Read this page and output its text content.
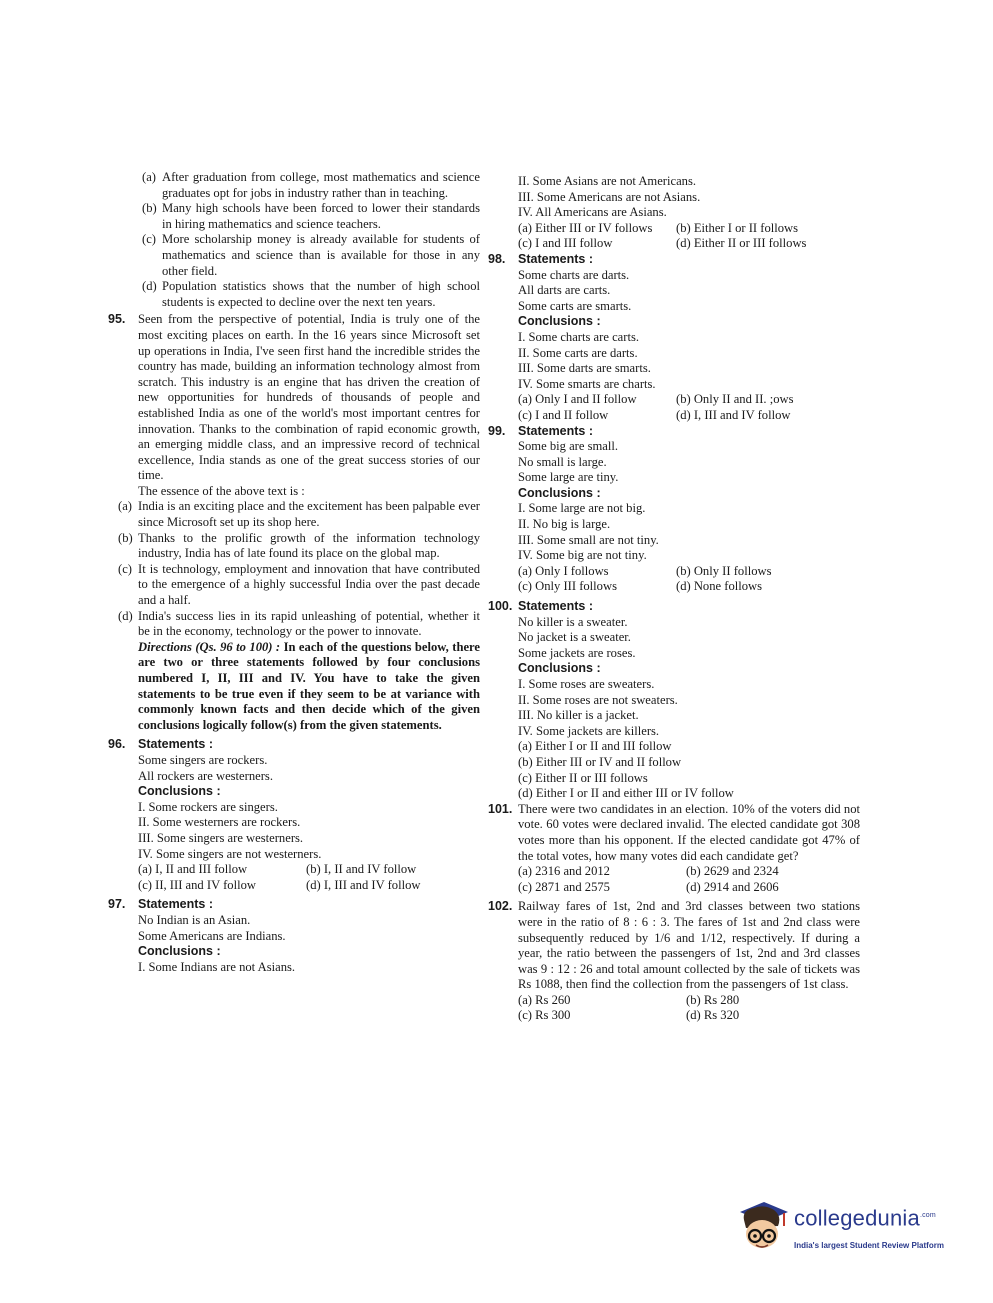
(a) After graduation from college, most mathematics and science graduates opt for jobs in industry rather than in teaching.
(b) Many high schools have been forced to lower their standards in hiring mathematics and science teachers.
(c) More scholarship money is already available for students of mathematics and science than is available for those in any other field.
(d) Population statistics shows that the number of high school students is expected to decline over the next ten years.
95. Seen from the perspective of potential, India is truly one of the most exciting places on earth. In the 16 years since Microsoft set up operations in India, I've seen first hand the incredible strides the country has made, building an information technology almost from scratch. This industry is an engine that has driven the creation of new opportunities for hundreds of thousands of people and established India as one of the world's most important centres for innovation. Thanks to the combination of rapid economic growth, an emerging middle class, and an impressive record of technical excellence, India stands as one of the great success stories of our time.

The essence of the above text is :

(a) India is an exciting place and the excitement has been palpable ever since Microsoft set up its shop here.
(b) Thanks to the prolific growth of the information technology industry, India has of late found its place on the global map.
(c) It is technology, employment and innovation that have contributed to the emergence of a highly successful India over the past decade and a half.
(d) India's success lies in its rapid unleashing of potential, whether it be in the economy, technology or the power to innovate.

Directions (Qs. 96 to 100) : In each of the questions below, there are two or three statements followed by four conclusions numbered I, II, III and IV. You have to take the given statements to be true even if they seem to be at variance with commonly known facts and then decide which of the given conclusions logically follow(s) from the given statements.

96. Statements :

Some singers are rockers.

All rockers are westerners.

Conclusions :

I. Some rockers are singers.

II. Some westerners are rockers.

III. Some singers are westerners.

IV. Some singers are not westerners.

(a) I, II and III follow	(b) I, II and IV follow
(c) II, III and IV follow	(d) I, III and IV follow
97. Statements :

No Indian is an Asian.

Some Americans are Indians.

Conclusions :

I. Some Indians are not Asians.

II. Some Asians are not Americans.

III. Some Americans are not Asians.

IV. All Americans are Asians.

(a) Either III or IV follows	(b) Either I or II follows
(c) I and III follow	(d) Either II or III follows
98. Statements :

Some charts are darts.

All darts are carts.

Some carts are smarts.

Conclusions :

I. Some charts are carts.

II. Some carts are darts.

III. Some darts are smarts.

IV. Some smarts are charts.

(a) Only I and II follow	(b) Only II and II. ;ows
(c) I and II follow	(d) I, III and IV follow
99. Statements :

Some big are small.

No small is large.

Some large are tiny.

Conclusions :

I. Some large are not big.

II. No big is large.

III. Some small are not tiny.

IV. Some big are not tiny.

(a) Only I follows	(b) Only II follows
(c) Only III follows	(d) None follows
100. Statements :

No killer is a sweater.

No jacket is a sweater.

Some jackets are roses.

Conclusions :

I. Some roses are sweaters.

II. Some roses are not sweaters.

III. No killer is a jacket.

IV. Some jackets are killers.

(a) Either I or II and III follow

(b) Either III or IV and II follow

(c) Either II or III follows

(d) Either I or II and either III or IV follow

101. There were two candidates in an election. 10% of the voters did not vote. 60 votes were declared invalid. The elected candidate got 308 votes more than his opponent. If the elected candidate got 47% of the total votes, how many votes did each candidate get?

(a) 2316 and 2012	(b) 2629 and 2324
(c) 2871 and 2575	(d) 2914 and 2606
102. Railway fares of 1st, 2nd and 3rd classes between two stations were in the ratio of 8 : 6 : 3. The fares of 1st and 2nd class were subsequently reduced by 1/6 and 1/12, respectively. If during a year, the ratio between the passengers of 1st, 2nd and 3rd classes was 9 : 12 : 26 and total amount collected by the sale of tickets was Rs 1088, then find the collection from the passengers of 1st class.

(a) Rs 260	(b) Rs 280
(c) Rs 300	(d) Rs 320
collegedunia$^{.com}$
India's largest Student Review Platform
